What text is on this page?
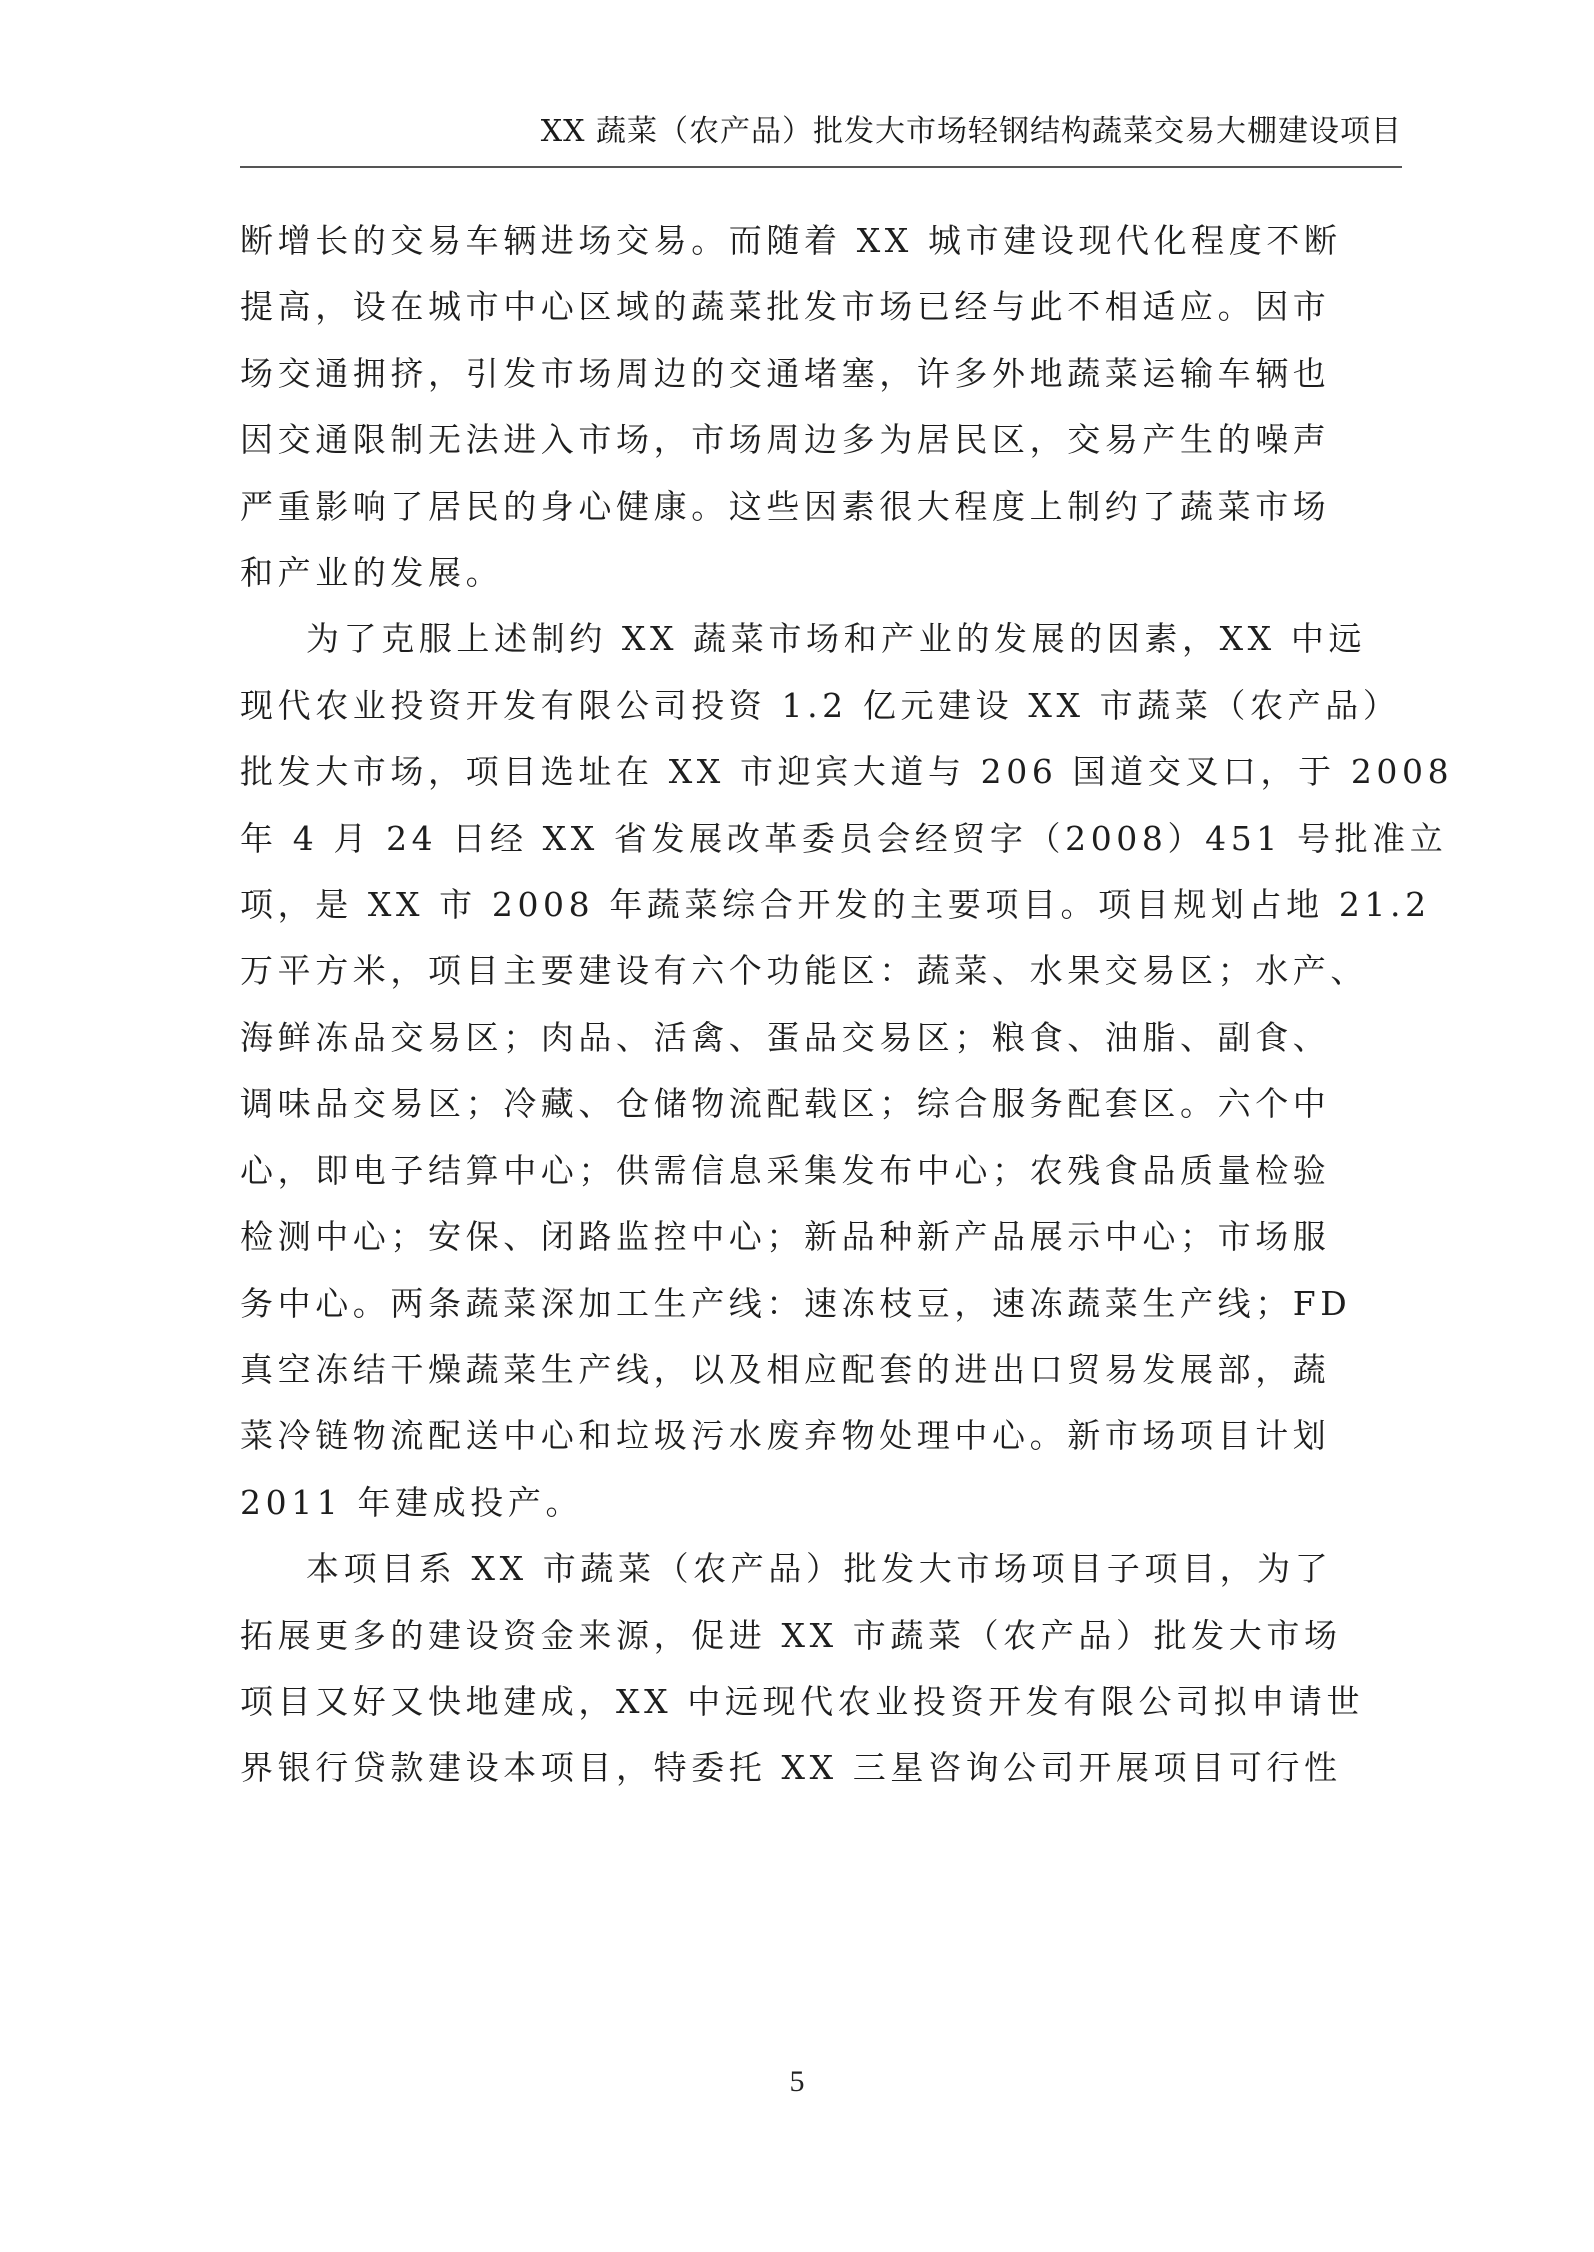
XX 蔬菜（农产品）批发大市场轻钢结构蔬菜交易大棚建设项目
断增长的交易车辆进场交易。而随着 XX 城市建设现代化程度不断
提高，设在城市中心区域的蔬菜批发市场已经与此不相适应。因市
场交通拥挤，引发市场周边的交通堵塞，许多外地蔬菜运输车辆也
因交通限制无法进入市场，市场周边多为居民区，交易产生的噪声
严重影响了居民的身心健康。这些因素很大程度上制约了蔬菜市场
和产业的发展。
为了克服上述制约 XX 蔬菜市场和产业的发展的因素，XX 中远
现代农业投资开发有限公司投资 1.2 亿元建设 XX 市蔬菜（农产品）
批发大市场，项目选址在 XX 市迎宾大道与 206 国道交叉口，于 2008
年 4 月 24 日经 XX 省发展改革委员会经贸字（2008）451 号批准立
项，是 XX 市 2008 年蔬菜综合开发的主要项目。项目规划占地 21.2
万平方米，项目主要建设有六个功能区：蔬菜、水果交易区；水产、
海鲜冻品交易区；肉品、活禽、蛋品交易区；粮食、油脂、副食、
调味品交易区；冷藏、仓储物流配载区；综合服务配套区。六个中
心，即电子结算中心；供需信息采集发布中心；农残食品质量检验
检测中心；安保、闭路监控中心；新品种新产品展示中心；市场服
务中心。两条蔬菜深加工生产线：速冻枝豆，速冻蔬菜生产线；FD
真空冻结干燥蔬菜生产线，以及相应配套的进出口贸易发展部，蔬
菜冷链物流配送中心和垃圾污水废弃物处理中心。新市场项目计划
2011 年建成投产。
本项目系 XX 市蔬菜（农产品）批发大市场项目子项目，为了
拓展更多的建设资金来源，促进 XX 市蔬菜（农产品）批发大市场
项目又好又快地建成，XX 中远现代农业投资开发有限公司拟申请世
界银行贷款建设本项目，特委托 XX 三星咨询公司开展项目可行性
5
